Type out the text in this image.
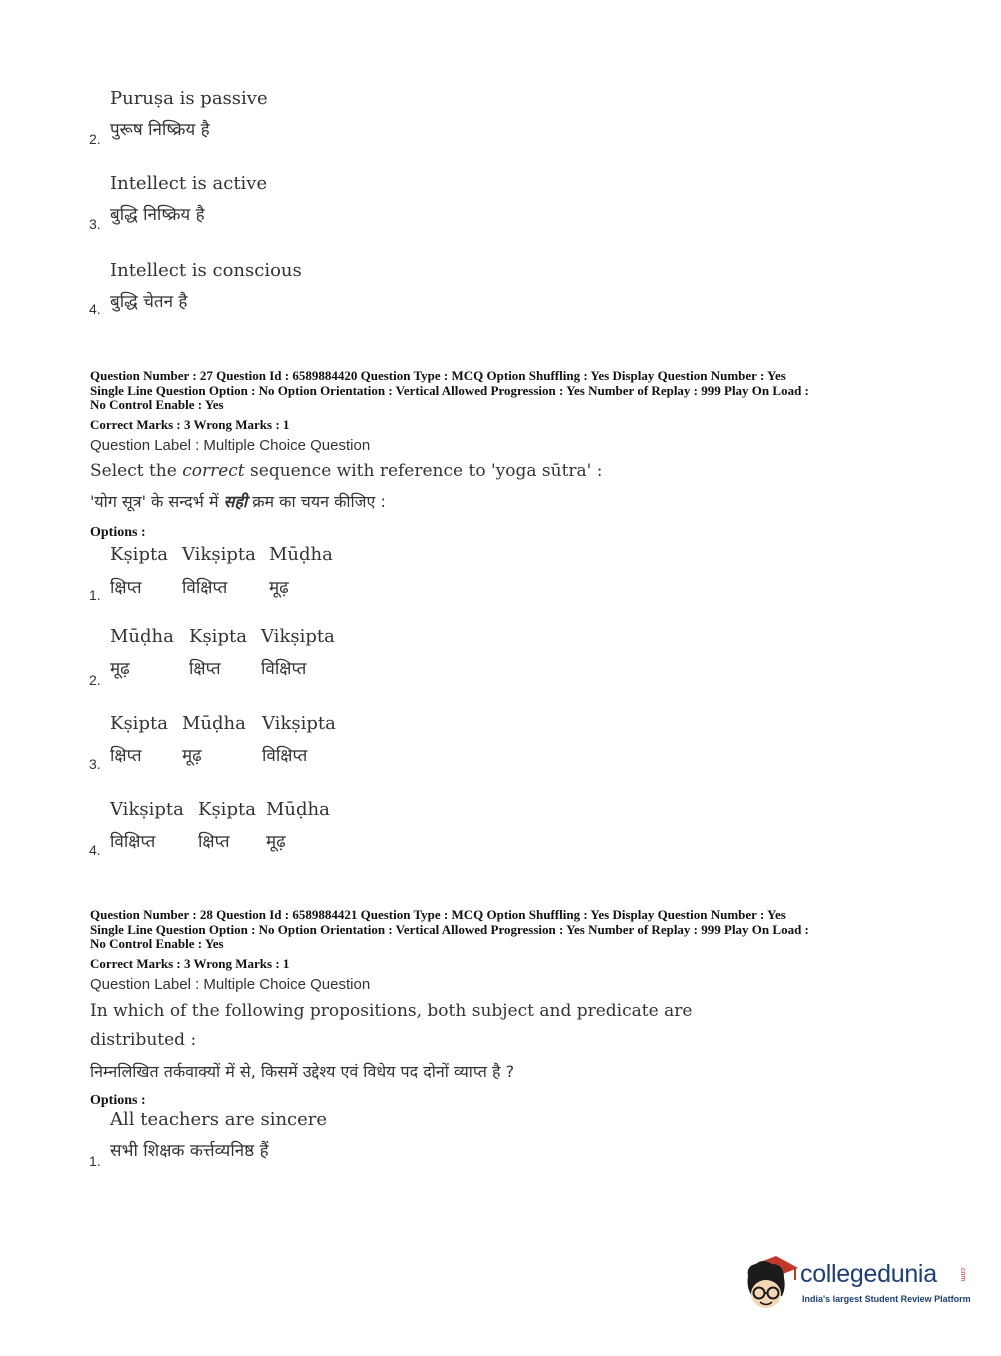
Puruṣa is passive
पुरूष निष्क्रिय है
2.
Intellect is active
बुद्धि निष्क्रिय है
3.
Intellect is conscious
बुद्धि चेतन है
4.
Question Number : 27 Question Id : 6589884420 Question Type : MCQ Option Shuffling : Yes Display Question Number : Yes
Single Line Question Option : No Option Orientation : Vertical Allowed Progression : Yes Number of Replay : 999 Play On Load :
No Control Enable : Yes
Correct Marks : 3 Wrong Marks : 1
Question Label : Multiple Choice Question
Select the correct sequence with reference to 'yoga sūtra' :
'योग सूत्र' के सन्दर्भ में सही क्रम का चयन कीजिए :
Options :
Kṣipta Vikṣipta Mūḍha
क्षिप्त विक्षिप्त मूढ़
1.
Mūḍha Kṣipta Vikṣipta
मूढ़	क्षिप्त विक्षिप्त
2.
Kṣipta Mūḍha Vikṣipta
क्षिप्त मूढ़	विक्षिप्त
3.
Vikṣipta Kṣipta Mūḍha
विक्षिप्त	क्षिप्त मूढ़
4.
Question Number : 28 Question Id : 6589884421 Question Type : MCQ Option Shuffling : Yes Display Question Number : Yes
Single Line Question Option : No Option Orientation : Vertical Allowed Progression : Yes Number of Replay : 999 Play On Load :
No Control Enable : Yes
Correct Marks : 3 Wrong Marks : 1
Question Label : Multiple Choice Question
In which of the following propositions, both subject and predicate are
distributed :
निम्नलिखित तर्कवाक्यों में से, किसमें उद्देश्य एवं विधेय पद दोनों व्याप्त है ?
Options :
All teachers are sincere
सभी शिक्षक कर्त्तव्यनिष्ठ हैं
1.
collegedunia	.com
India's largest Student Review Platform
